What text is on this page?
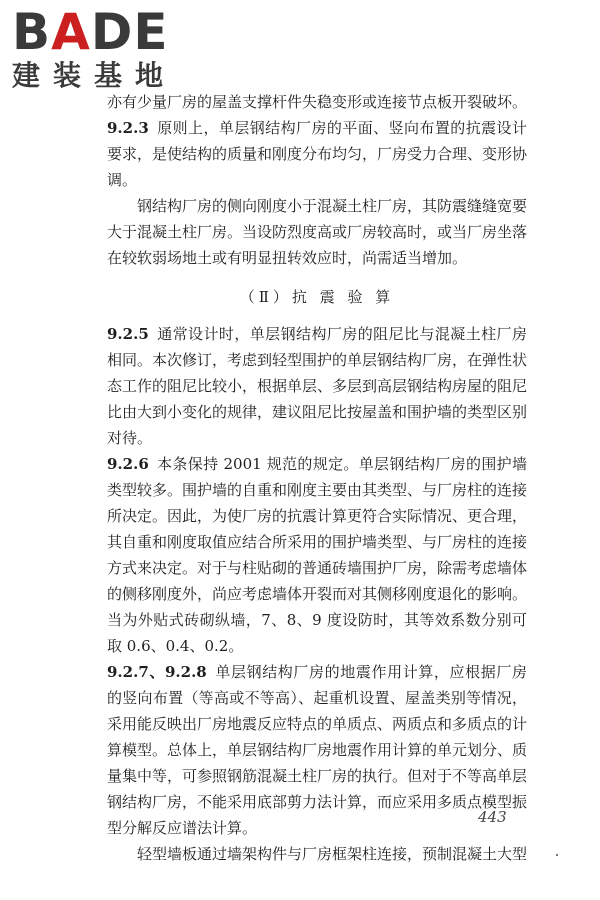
BADE
建装基地

亦有少量厂房的屋盖支撑杆件失稳变形或连接节点板开裂破坏。

9.2.3 原则上，单层钢结构厂房的平面、竖向布置的抗震设计要求，是使结构的质量和刚度分布均匀，厂房受力合理、变形协调。

钢结构厂房的侧向刚度小于混凝土柱厂房，其防震缝缝宽要大于混凝土柱厂房。当设防烈度高或厂房较高时，或当厂房坐落在较软弱场地土或有明显扭转效应时，尚需适当增加。

（Ⅱ）抗 震 验 算

9.2.5 通常设计时，单层钢结构厂房的阻尼比与混凝土柱厂房相同。本次修订，考虑到轻型围护的单层钢结构厂房，在弹性状态工作的阻尼比较小，根据单层、多层到高层钢结构房屋的阻尼比由大到小变化的规律，建议阻尼比按屋盖和围护墙的类型区别对待。

9.2.6 本条保持 2001 规范的规定。单层钢结构厂房的围护墙类型较多。围护墙的自重和刚度主要由其类型、与厂房柱的连接所决定。因此，为使厂房的抗震计算更符合实际情况、更合理，其自重和刚度取值应结合所采用的围护墙类型、与厂房柱的连接方式来决定。对于与柱贴砌的普通砖墙围护厂房，除需考虑墙体的侧移刚度外，尚应考虑墙体开裂而对其侧移刚度退化的影响。当为外贴式砖砌纵墙，7、8、9 度设防时，其等效系数分别可取 0.6、0.4、0.2。

9.2.7、9.2.8 单层钢结构厂房的地震作用计算，应根据厂房的竖向布置（等高或不等高）、起重机设置、屋盖类别等情况，采用能反映出厂房地震反应特点的单质点、两质点和多质点的计算模型。总体上，单层钢结构厂房地震作用计算的单元划分、质量集中等，可参照钢筋混凝土柱厂房的执行。但对于不等高单层钢结构厂房，不能采用底部剪力法计算，而应采用多质点模型振型分解反应谱法计算。

轻型墙板通过墙架构件与厂房框架柱连接，预制混凝土大型

443
